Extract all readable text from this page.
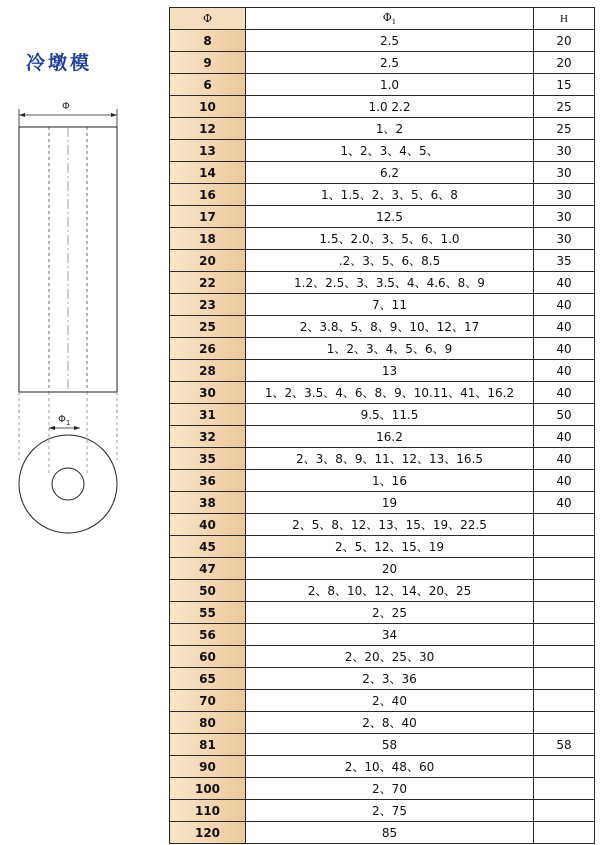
冷墩模
Φ
$\Phi_1$
Φ	$\Phi_1$	H
8	2.5	20
9	2.5	20
6	1.0	15
10	1.0 2.2	25
12	1、2	25
13	1、2、3、4、5、	30
14	6.2	30
16	1、1.5、2、3、5、6、8	30
17	12.5	30
18	1.5、2.0、3、5、6、1.0	30
20	.2、3、5、6、8.5	35
22	1.2、2.5、3、3.5、4、4.6、8、9	40
23	7、11	40
25	2、3.8、5、8、9、10、12、17	40
26	1、2、3、4、5、6、9	40
28	13	40
30	1、2、3.5、4、6、8、9、10.11、41、16.2	40
31	9.5、11.5	50
32	16.2	40
35	2、3、8、9、11、12、13、16.5	40
36	1、16	40
38	19	40
40	2、5、8、12、13、15、19、22.5	
45	2、5、12、15、19	
47	20	
50	2、8、10、12、14、20、25	
55	2、25	
56	34	
60	2、20、25、30	
65	2、3、36	
70	2、40	
80	2、8、40	
81	58	58
90	2、10、48、60	
100	2、70	
110	2、75	
120	85	
